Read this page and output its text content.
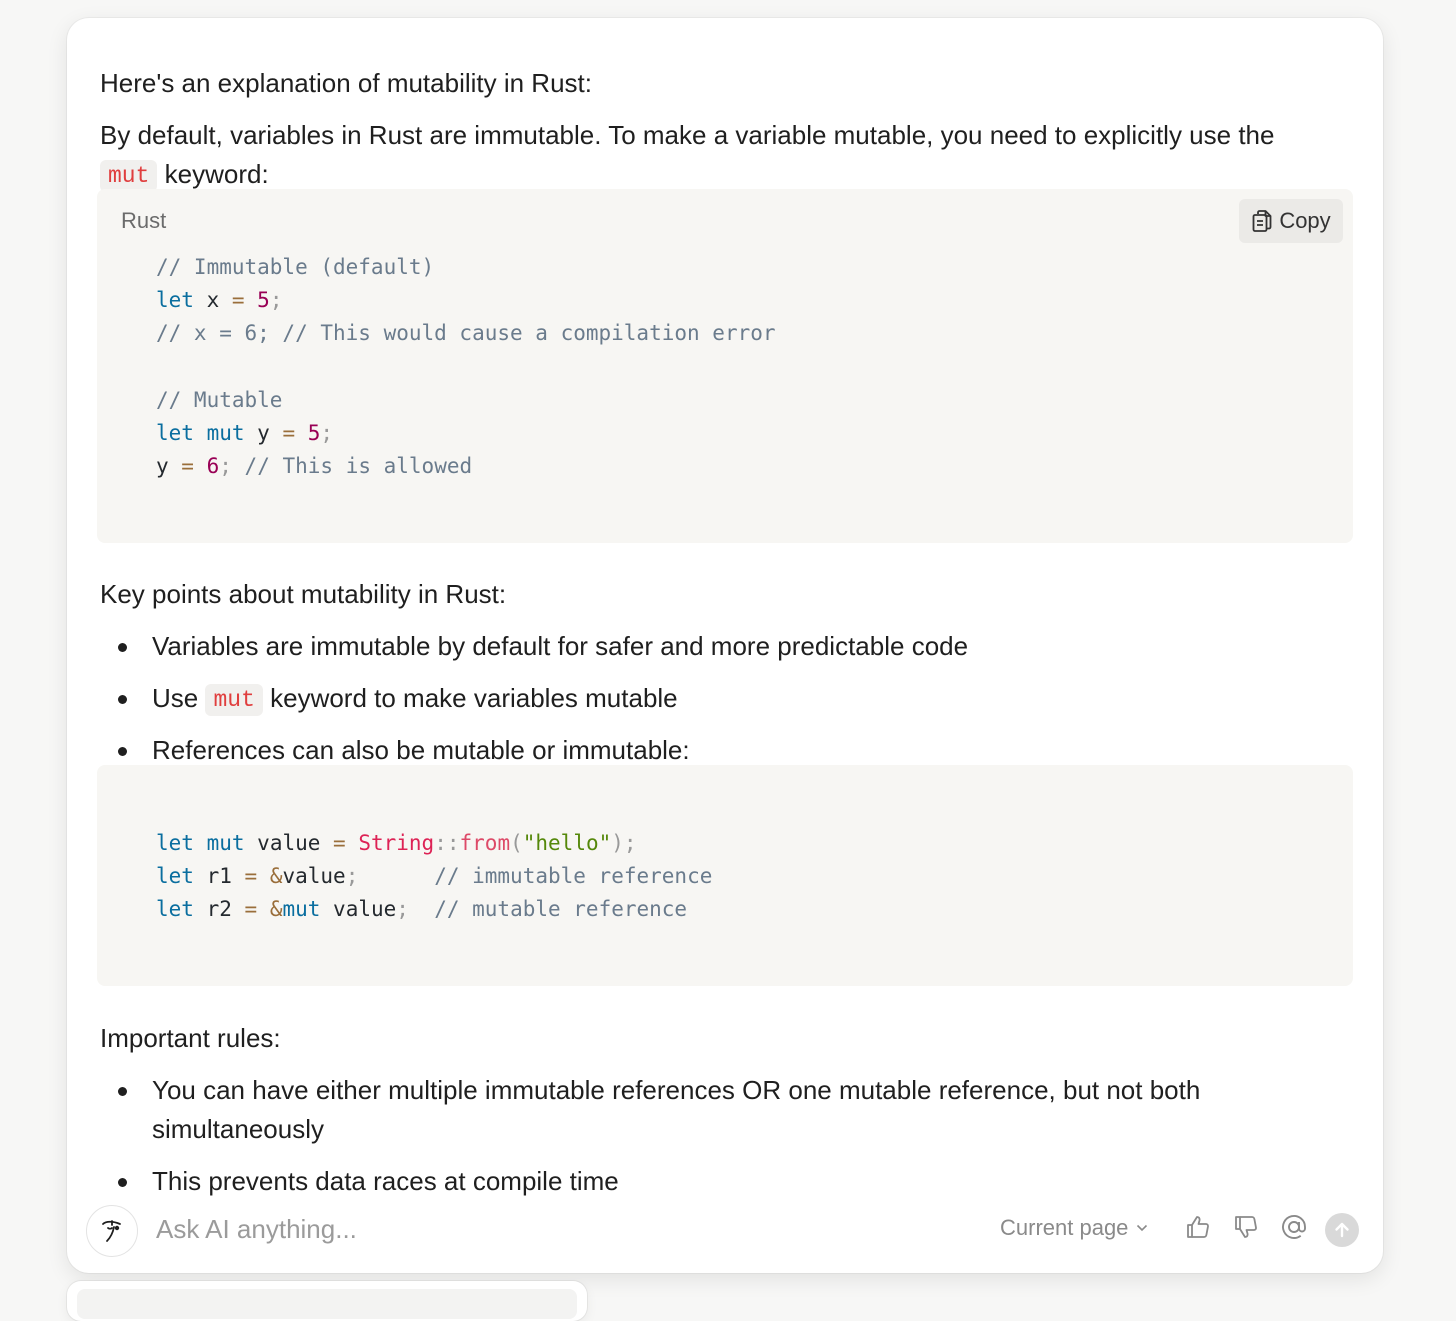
Here's an explanation of mutability in Rust:
By default, variables in Rust are immutable. To make a variable mutable, you need to explicitly use the
mut keyword:
Rust	Copy
// Immutable (default)
let x = 5;
// x = 6; // This would cause a compilation error

// Mutable
let mut y = 5;
y = 6; // This is allowed
Key points about mutability in Rust:
Variables are immutable by default for safer and more predictable code
Use mut keyword to make variables mutable
References can also be mutable or immutable:
let mut value = String::from("hello");
let r1 = &value;      // immutable reference
let r2 = &mut value;  // mutable reference
Important rules:
You can have either multiple immutable references OR one mutable reference, but not both
simultaneously
This prevents data races at compile time
Ask AI anything...
Current page
